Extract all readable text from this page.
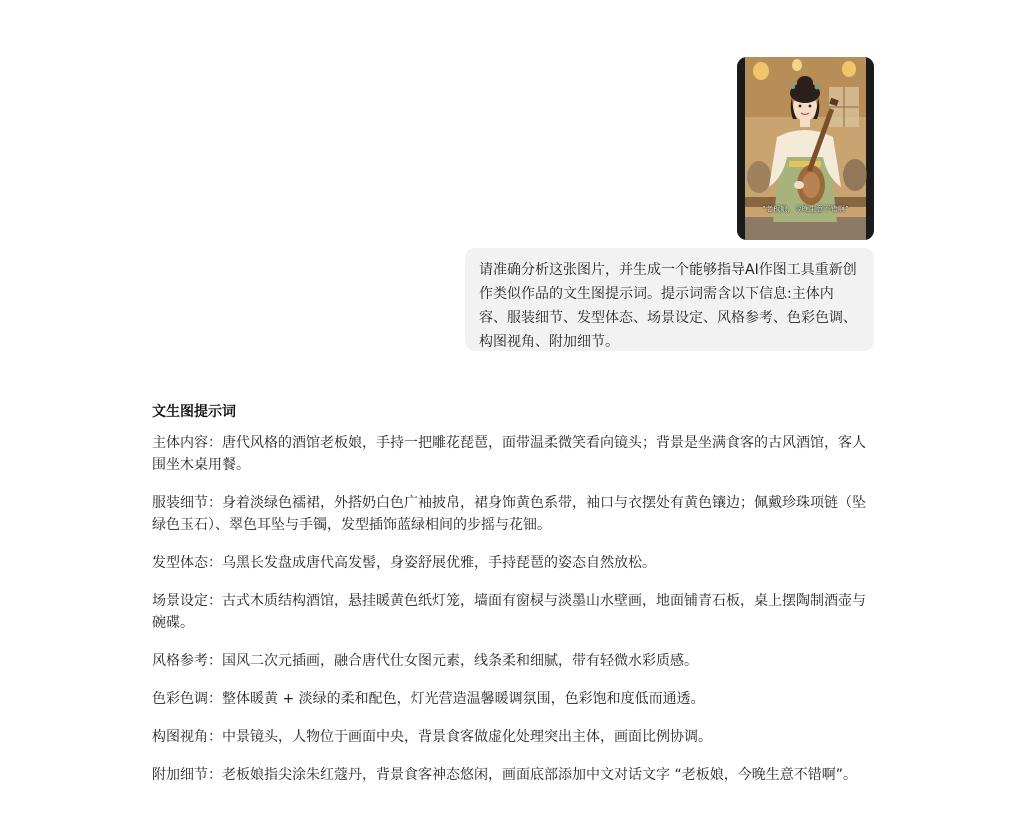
“老板娘，今晚生意不错啊”
请准确分析这张图片，并生成一个能够指导AI作图工具重新创作类似作品的文生图提示词。提示词需含以下信息:主体内容、服装细节、发型体态、场景设定、风格参考、色彩色调、构图视角、附加细节。
文生图提示词

主体内容：唐代风格的酒馆老板娘，手持一把雕花琵琶，面带温柔微笑看向镜头；背景是坐满食客的古风酒馆，客人围坐木桌用餐。

服装细节：身着淡绿色襦裙，外搭奶白色广袖披帛，裙身饰黄色系带，袖口与衣摆处有黄色镶边；佩戴珍珠项链（坠绿色玉石）、翠色耳坠与手镯，发型插饰蓝绿相间的步摇与花钿。

发型体态：乌黑长发盘成唐代高发髻，身姿舒展优雅，手持琵琶的姿态自然放松。

场景设定：古式木质结构酒馆，悬挂暖黄色纸灯笼，墙面有窗棂与淡墨山水壁画，地面铺青石板，桌上摆陶制酒壶与碗碟。

风格参考：国风二次元插画，融合唐代仕女图元素，线条柔和细腻，带有轻微水彩质感。

色彩色调：整体暖黄 + 淡绿的柔和配色，灯光营造温馨暖调氛围，色彩饱和度低而通透。

构图视角：中景镜头，人物位于画面中央，背景食客做虚化处理突出主体，画面比例协调。

附加细节：老板娘指尖涂朱红蔻丹，背景食客神态悠闲，画面底部添加中文对话文字 “老板娘，今晚生意不错啊”。
